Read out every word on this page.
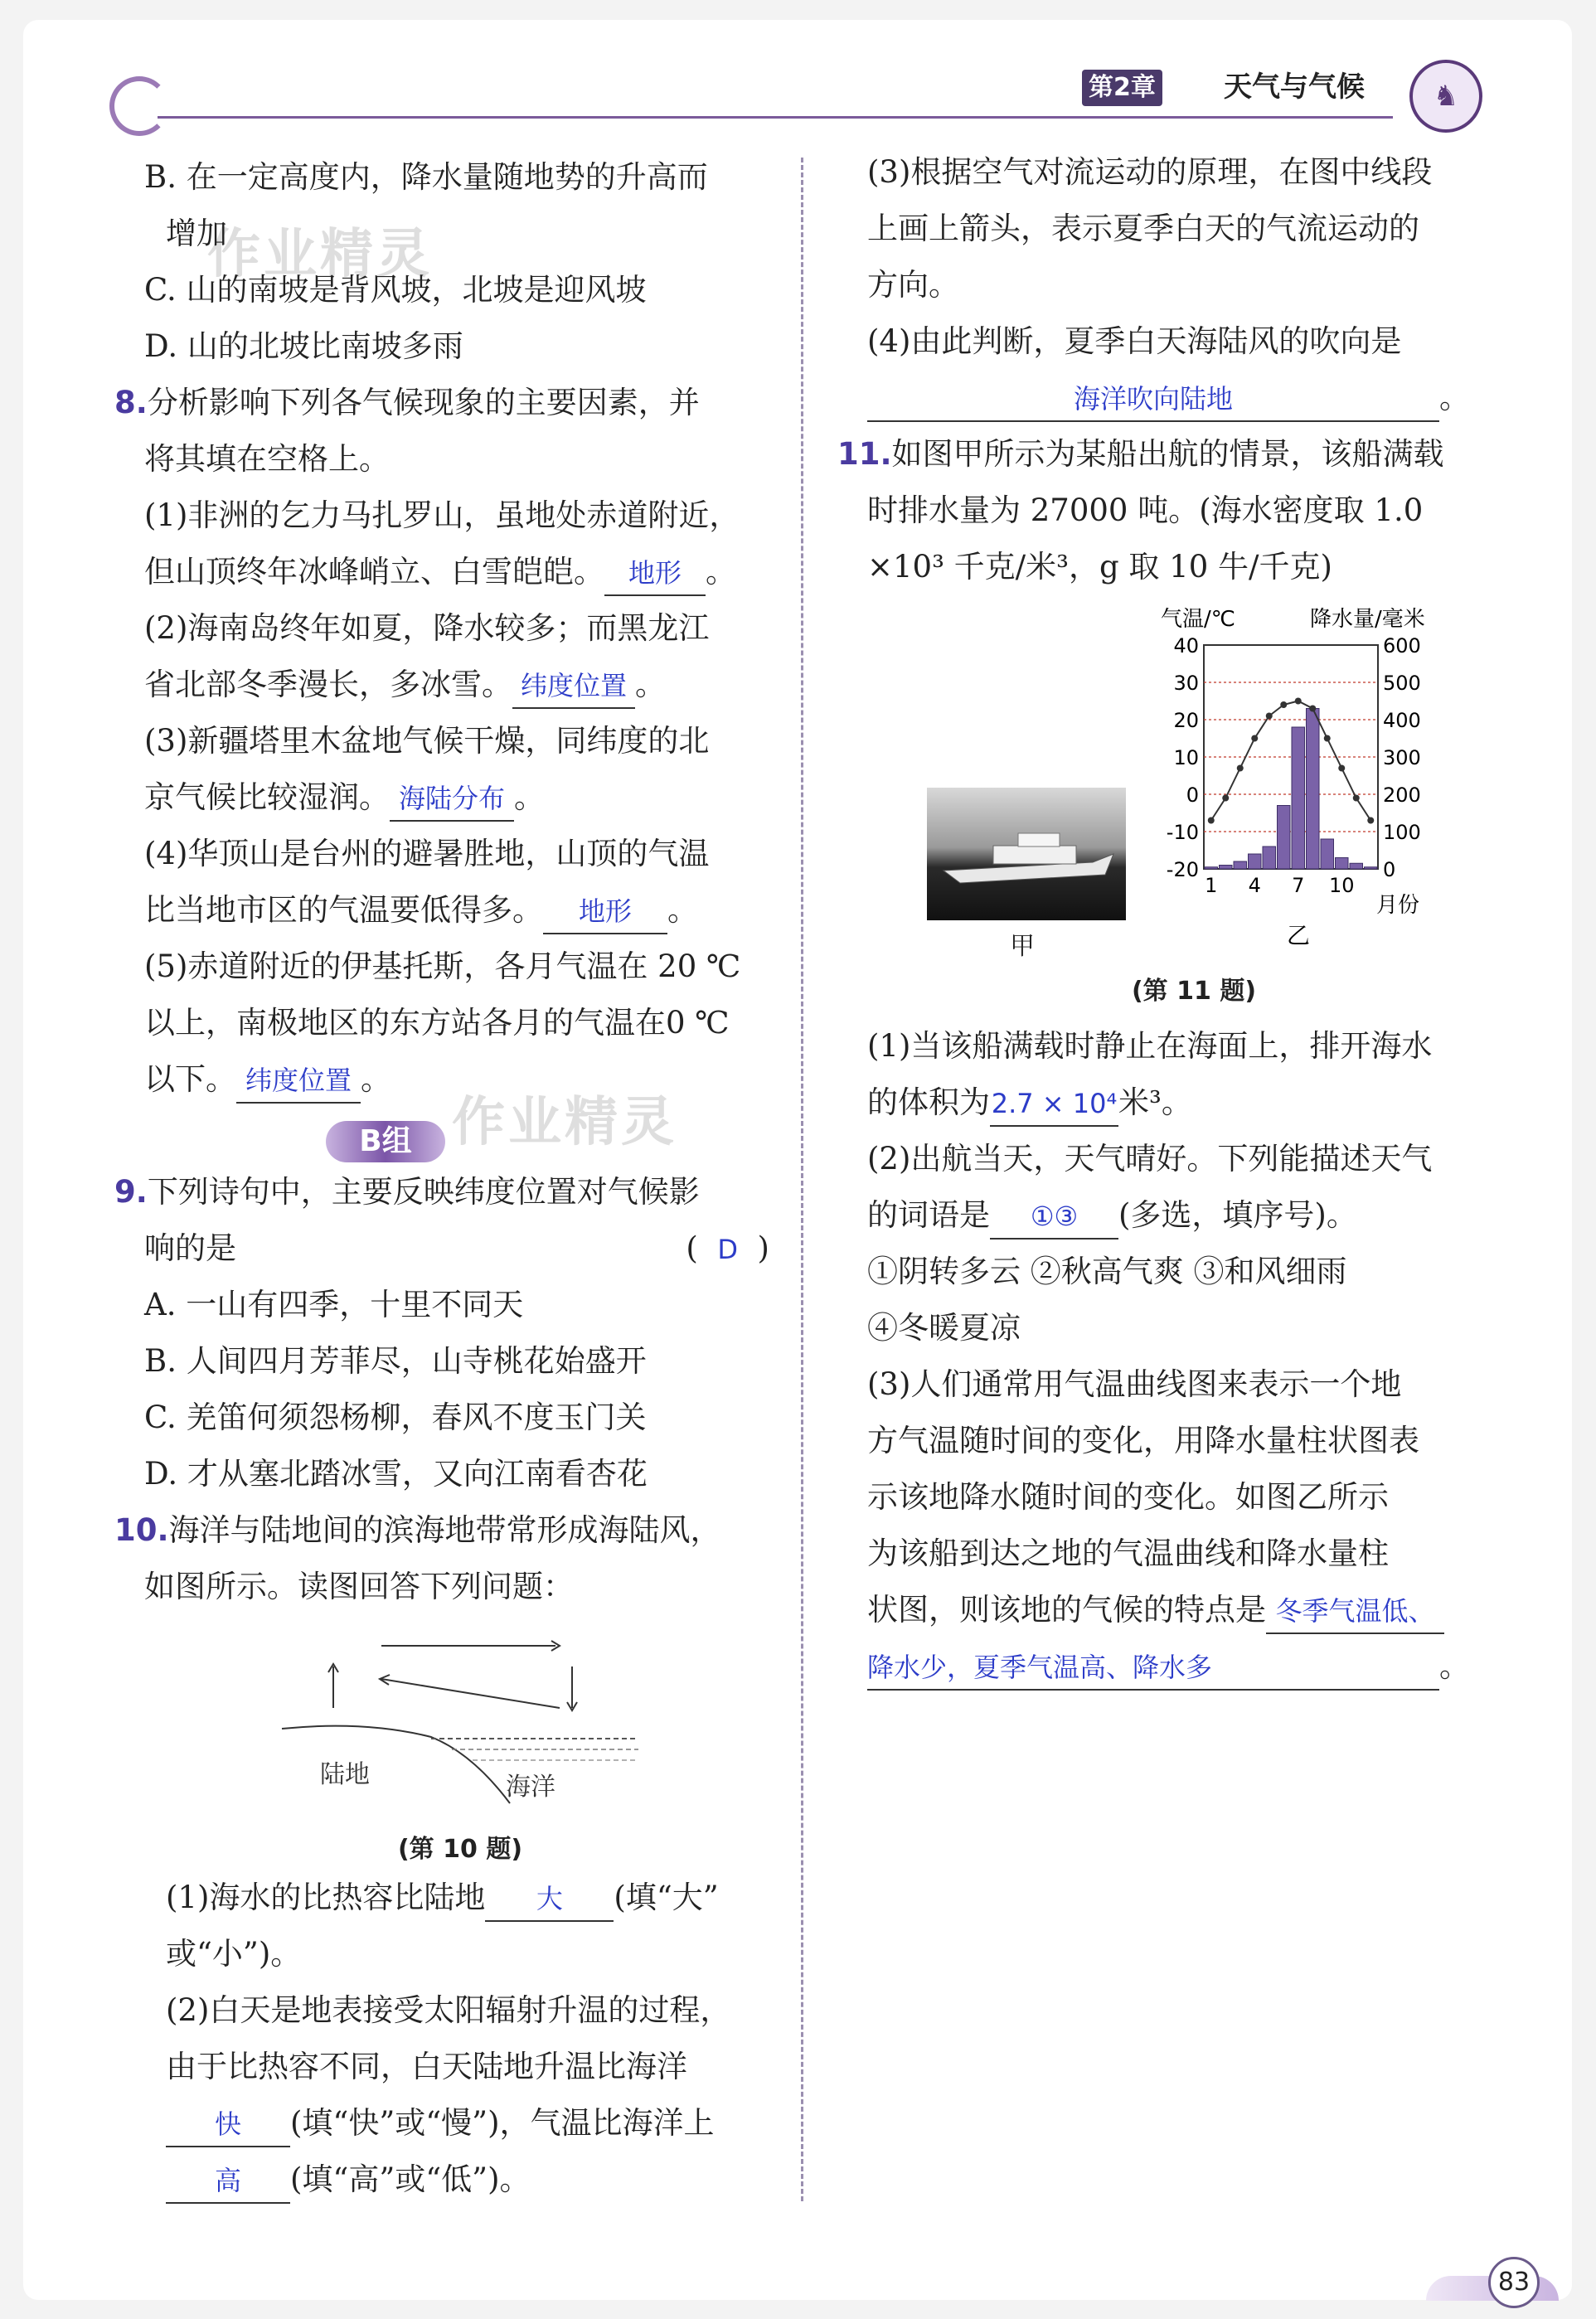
第2章 天气与气候	♞
作业精灵
作业精灵

B. 在一定高度内，降水量随地势的升高而

增加

C. 山的南坡是背风坡，北坡是迎风坡

D. 山的北坡比南坡多雨

8.分析影响下列各气候现象的主要因素，并

将其填在空格上。

(1)非洲的乞力马扎罗山，虽地处赤道附近，

但山顶终年冰峰峭立、白雪皑皑。 地形 。

(2)海南岛终年如夏，降水较多；而黑龙江

省北部冬季漫长，多冰雪。 纬度位置 。

(3)新疆塔里木盆地气候干燥，同纬度的北

京气候比较湿润。 海陆分布 。

(4)华顶山是台州的避暑胜地，山顶的气温

比当地市区的气温要低得多。 地形 。

(5)赤道附近的伊基托斯，各月气温在 20 ℃

以上，南极地区的东方站各月的气温在0 ℃

以下。 纬度位置 。

9.下列诗句中，主要反映纬度位置对气候影

响的是	(  D  )

A. 一山有四季，十里不同天

B. 人间四月芳菲尽，山寺桃花始盛开

C. 羌笛何须怨杨柳，春风不度玉门关

D. 才从塞北踏冰雪，又向江南看杏花

10.海洋与陆地间的滨海地带常形成海陆风，

如图所示。读图回答下列问题：

B组
陆地	海洋
(第 10 题)

(1)海水的比热容比陆地 大 (填“大”

或“小”)。

(2)白天是地表接受太阳辐射升温的过程，

由于比热容不同，白天陆地升温比海洋

快 (填“快”或“慢”)，气温比海洋上

高 (填“高”或“低”)。

(3)根据空气对流运动的原理，在图中线段

上画上箭头，表示夏季白天的气流运动的

方向。

(4)由此判断，夏季白天海陆风的吹向是

海洋吹向陆地	。

11.如图甲所示为某船出航的情景，该船满载

时排水量为 27000 吨。(海水密度取 1.0

×10³ 千克/米³，g 取 10 牛/千克)

甲
气温/℃	降水量/毫米
40
30
20
10
0
-10
-20
600
500
400
300
200
100
0
1 4 7 10
月份
乙
(第 11 题)

(1)当该船满载时静止在海面上，排开海水

的体积为2.7 × 10⁴米³。

(2)出航当天，天气晴好。下列能描述天气

的词语是 ①③ (多选，填序号)。

①阴转多云 ②秋高气爽 ③和风细雨

④冬暖夏凉

(3)人们通常用气温曲线图来表示一个地

方气温随时间的变化，用降水量柱状图表

示该地降水随时间的变化。如图乙所示

为该船到达之地的气温曲线和降水量柱

状图，则该地的气候的特点是 冬季气温低、

降水少，夏季气温高、降水多	。

83
